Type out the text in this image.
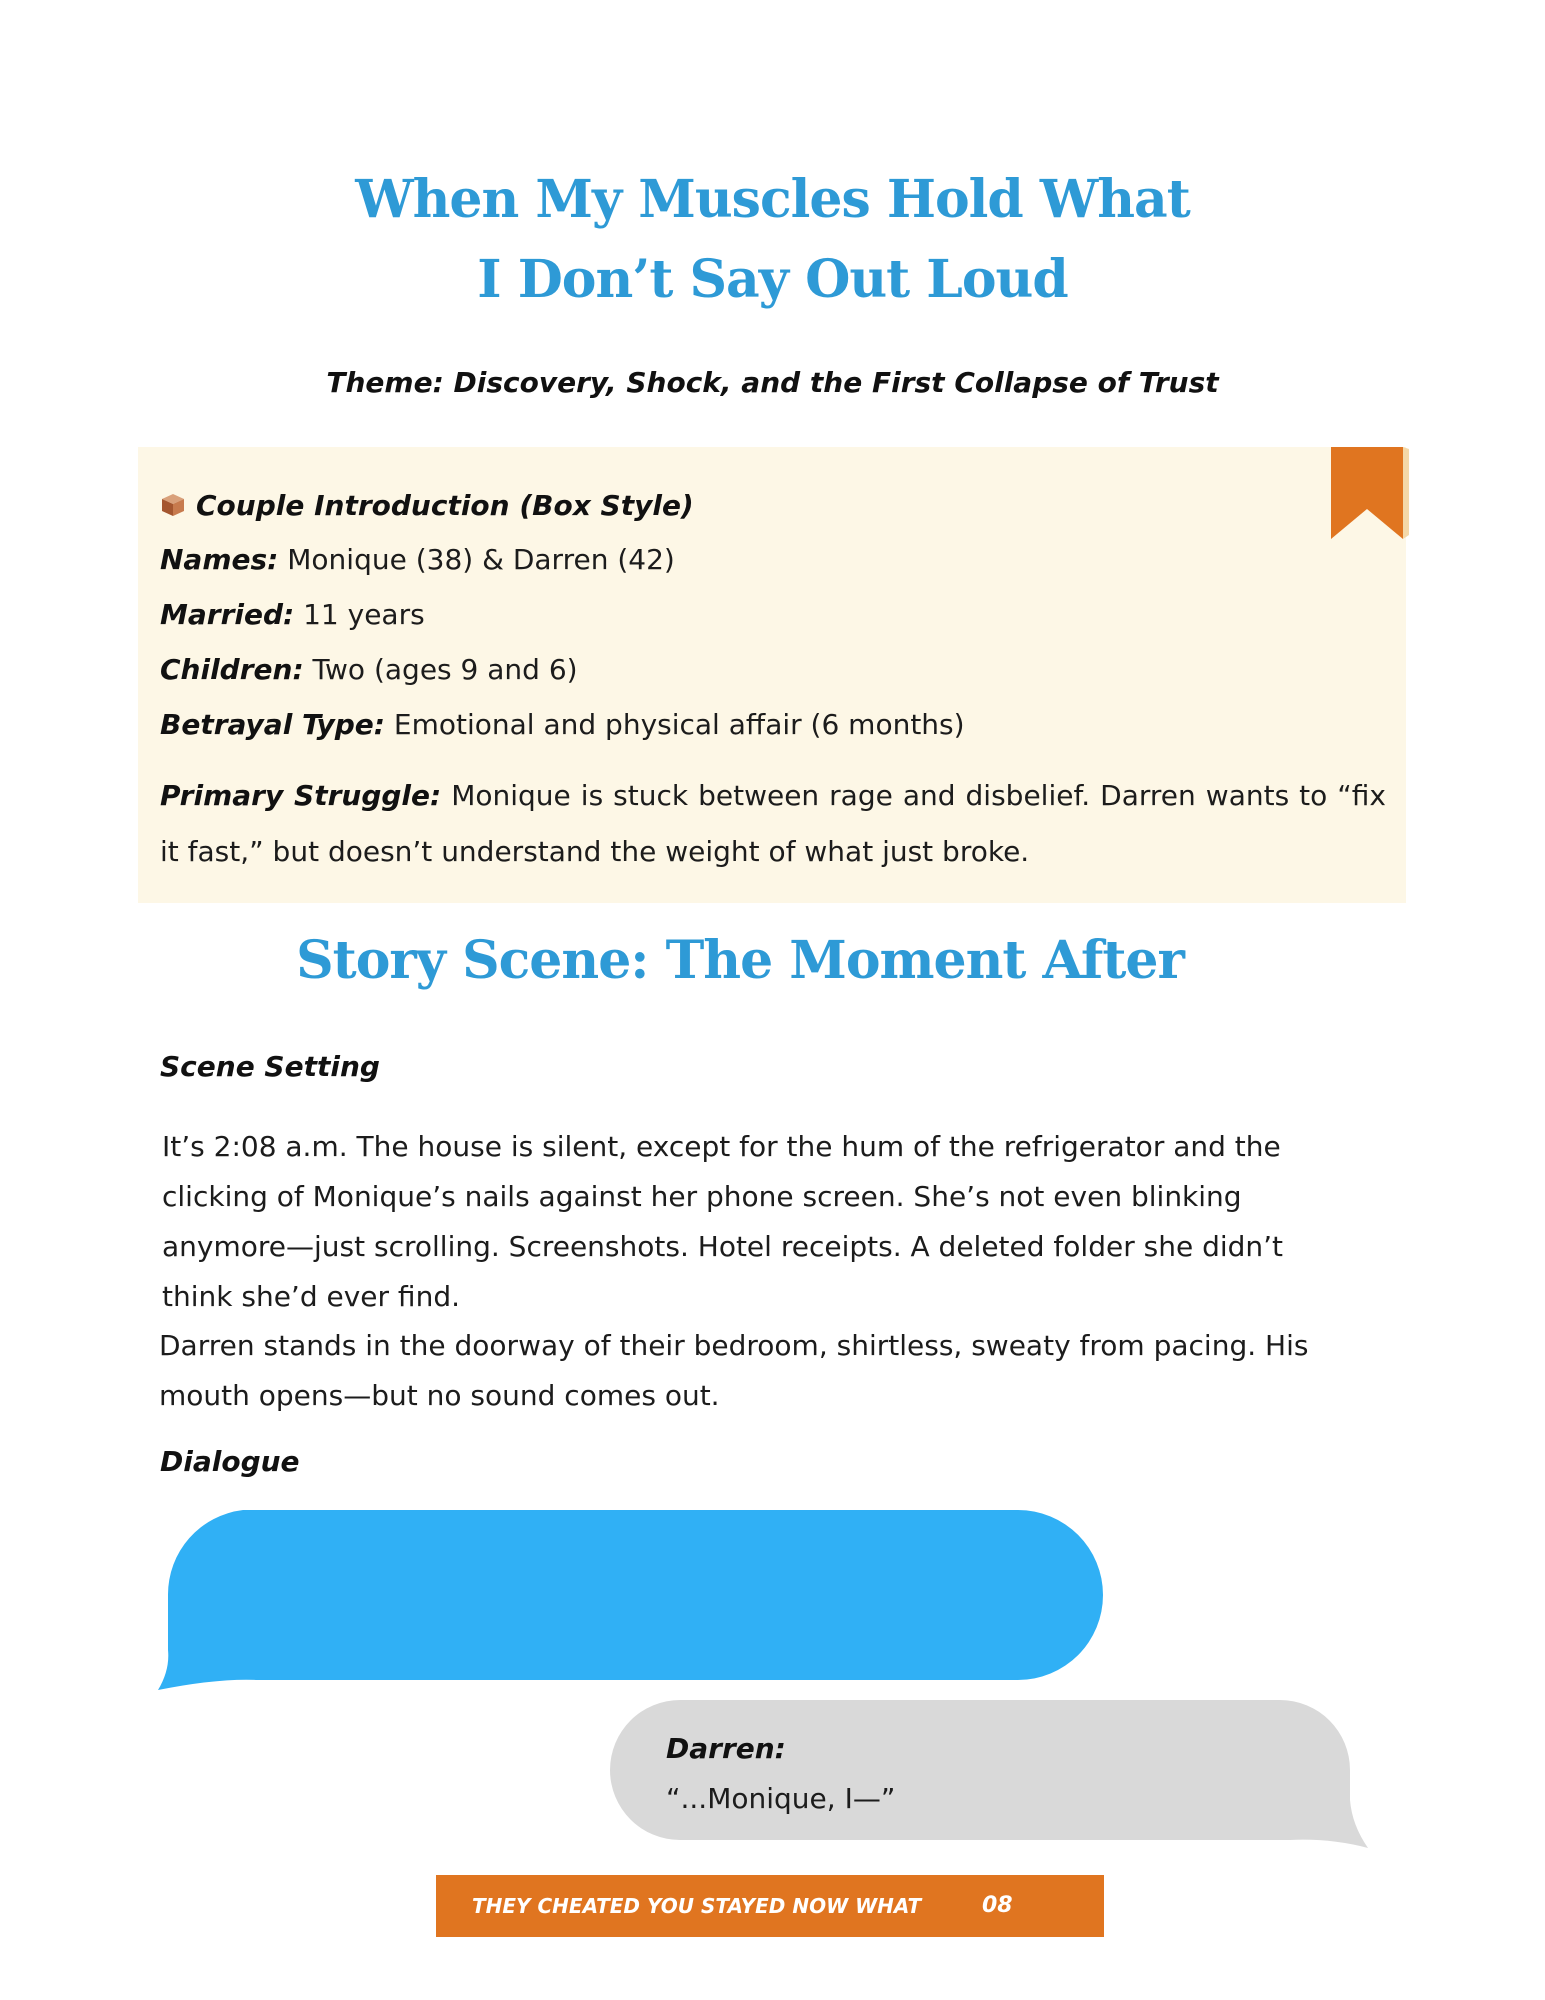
When My Muscles Hold What
I Don’t Say Out Loud
Theme: Discovery, Shock, and the First Collapse of Trust
Couple Introduction (Box Style)
Names: Monique (38) & Darren (42)
Married: 11 years
Children: Two (ages 9 and 6)
Betrayal Type: Emotional and physical affair (6 months)
Primary Struggle: Monique is stuck between rage and disbelief. Darren wants to “fix it fast,” but doesn’t understand the weight of what just broke.
Story Scene: The Moment After
Scene Setting
It’s 2:08 a.m. The house is silent, except for the hum of the refrigerator and the
clicking of Monique’s nails against her phone screen. She’s not even blinking
anymore—just scrolling. Screenshots. Hotel receipts. A deleted folder she didn’t
think she’d ever find.
Darren stands in the doorway of their bedroom, shirtless, sweaty from pacing. His
mouth opens—but no sound comes out.
Dialogue
Darren:
“...Monique, I—”
THEY CHEATED YOU STAYED NOW WHAT	08
